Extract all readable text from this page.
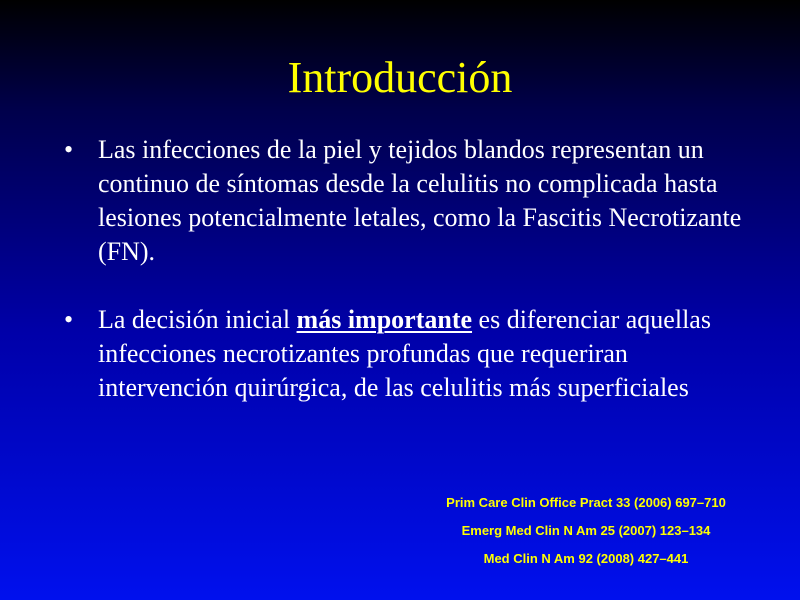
Introducción
• Las infecciones de la piel y tejidos blandos representan un continuo de síntomas desde la celulitis no complicada hasta lesiones potencialmente letales, como la Fascitis Necrotizante (FN).
• La decisión inicial más importante es diferenciar aquellas infecciones necrotizantes profundas que requeriran intervención quirúrgica, de las celulitis más superficiales
Prim Care Clin Office Pract 33 (2006) 697–710
Emerg Med Clin N Am 25 (2007) 123–134
Med Clin N Am 92 (2008) 427–441
